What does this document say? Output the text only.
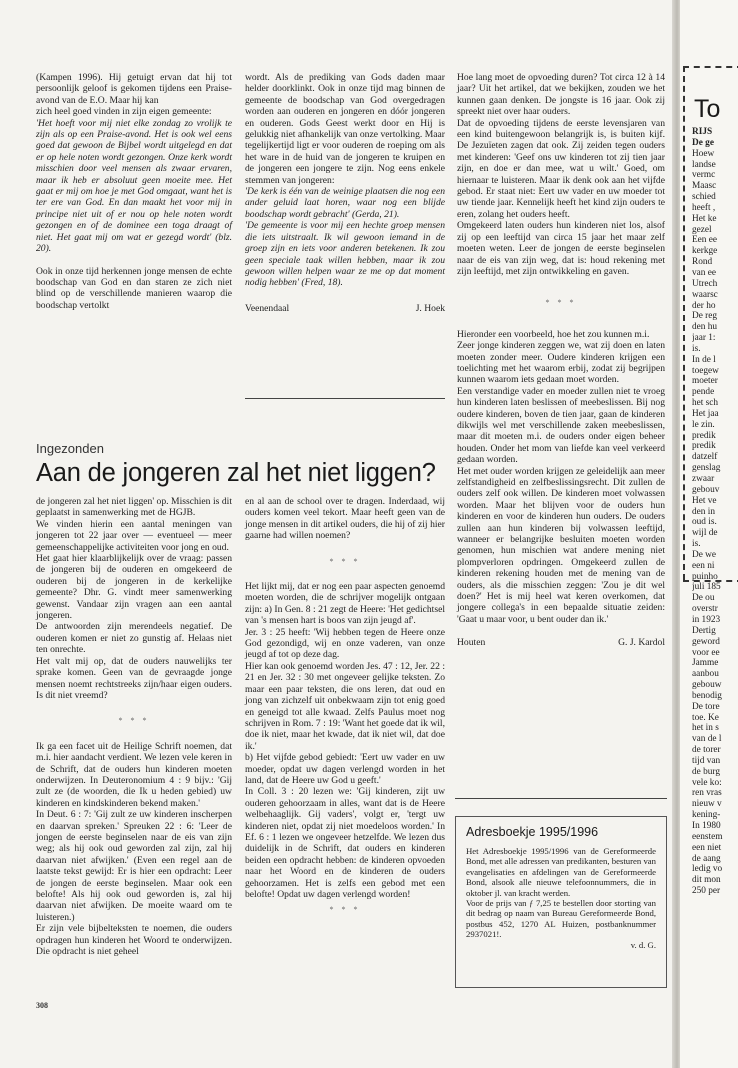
(Kampen 1996). Hij getuigt ervan dat hij tot persoonlijk geloof is gekomen tijdens een Praise-avond van de E.O. Maar hij kan

zich heel goed vinden in zijn eigen gemeente:

'Het hoeft voor mij niet elke zondag zo vrolijk te zijn als op een Praise-avond. Het is ook wel eens goed dat gewoon de Bijbel wordt uitgelegd en dat er op hele noten wordt gezongen. Onze kerk wordt misschien door veel mensen als zwaar ervaren, maar ik heb er absoluut geen moeite mee. Het gaat er mij om hoe je met God omgaat, want het is ter ere van God. En dan maakt het voor mij in principe niet uit of er nou op hele noten wordt gezongen en of de dominee een toga draagt of niet. Het gaat mij om wat er gezegd wordt' (blz. 20).

Ook in onze tijd herkennen jonge mensen de echte boodschap van God en dan staren ze zich niet blind op de verschillende manieren waarop die boodschap vertolkt

wordt. Als de prediking van Gods daden maar helder doorklinkt. Ook in onze tijd mag binnen de gemeente de boodschap van God overgedragen worden aan ouderen en jongeren en dóór jongeren en ouderen. Gods Geest werkt door en Hij is gelukkig niet afhankelijk van onze vertolking. Maar tegelijkertijd ligt er voor ouderen de roeping om als het ware in de huid van de jongeren te kruipen en de jongeren een jongere te zijn. Nog eens enkele stemmen van jongeren:

'De kerk is één van de weinige plaatsen die nog een ander geluid laat horen, waar nog een blijde boodschap wordt gebracht' (Gerda, 21).

'De gemeente is voor mij een hechte groep mensen die iets uitstraalt. Ik wil gewoon iemand in de groep zijn en iets voor anderen betekenen. Ik zou geen speciale taak willen hebben, maar ik zou gewoon willen helpen waar ze me op dat moment nodig hebben' (Fred, 18).

Veenendaal	J. Hoek

Hoe lang moet de opvoeding duren? Tot circa 12 à 14 jaar? Uit het artikel, dat we bekijken, zouden we het kunnen gaan denken. De jongste is 16 jaar. Ook zij spreekt niet over haar ouders.

Dat de opvoeding tijdens de eerste levensjaren van een kind buitengewoon belangrijk is, is buiten kijf. De Jezuïeten zagen dat ook. Zij zeiden tegen ouders met kinderen: 'Geef ons uw kinderen tot zij tien jaar zijn, en doe er dan mee, wat u wilt.' Goed, om hiernaar te luisteren. Maar ik denk ook aan het vijfde gebod. Er staat niet: Eert uw vader en uw moeder tot uw tiende jaar. Kennelijk heeft het kind zijn ouders te eren, zolang het ouders heeft.

Omgekeerd laten ouders hun kinderen niet los, alsof zij op een leeftijd van circa 15 jaar het maar zelf moeten weten. Leer de jongen de eerste beginselen naar de eis van zijn weg, dat is: houd rekening met zijn leeftijd, met zijn ontwikkeling en gaven.

* * *

Hieronder een voorbeeld, hoe het zou kunnen m.i.

Zeer jonge kinderen zeggen we, wat zij doen en laten moeten zonder meer. Oudere kinderen krijgen een toelichting met het waarom erbij, zodat zij begrijpen kunnen waarom iets gedaan moet worden.

Een verstandige vader en moeder zullen niet te vroeg hun kinderen laten beslissen of meebeslissen. Bij nog oudere kinderen, boven de tien jaar, gaan de kinderen dikwijls wel met verschillende zaken meebeslissen, maar dit moeten m.i. de ouders onder eigen beheer houden. Onder het mom van liefde kan veel verkeerd gedaan worden.

Het met ouder worden krijgen ze geleidelijk aan meer zelfstandigheid en zelfbeslissingsrecht. Dit zullen de ouders zelf ook willen. De kinderen moet volwassen worden. Maar het blijven voor de ouders hun kinderen en voor de kinderen hun ouders. De ouders zullen aan hun kinderen bij volwassen leeftijd, wanneer er belangrijke besluiten moeten worden genomen, hun mischien wat andere mening niet plompverloren opdringen. Omgekeerd zullen de kinderen rekening houden met de mening van de ouders, als die misschien zeggen: 'Zou je dit wel doen?' Het is mij heel wat keren overkomen, dat jongere collega's in een bepaalde situatie zeiden: 'Gaat u maar voor, u bent ouder dan ik.'

Houten	G. J. Kardol
Ingezonden
Aan de jongeren zal het niet liggen?

de jongeren zal het niet liggen' op. Misschien is dit geplaatst in samenwerking met de HGJB.

We vinden hierin een aantal meningen van jongeren tot 22 jaar over — eventueel — meer gemeenschappelijke activiteiten voor jong en oud.

Het gaat hier klaarblijkelijk over de vraag: passen de jongeren bij de ouderen en omgekeerd de ouderen bij de jongeren in de kerkelijke gemeente? Dhr. G. vindt meer samenwerking gewenst. Vandaar zijn vragen aan een aantal jongeren.

De antwoorden zijn merendeels negatief. De ouderen komen er niet zo gunstig af. Helaas niet ten onrechte.

Het valt mij op, dat de ouders nauwelijks ter sprake komen. Geen van de gevraagde jonge mensen noemt rechtstreeks zijn/haar eigen ouders. Is dit niet vreemd?

* * *

Ik ga een facet uit de Heilige Schrift noemen, dat m.i. hier aandacht verdient. We lezen vele keren in de Schrift, dat de ouders hun kinderen moeten onderwijzen. In Deuteronomium 4 : 9 bijv.: 'Gij zult ze (de woorden, die Ik u heden gebied) uw kinderen en kindskinderen bekend maken.'

In Deut. 6 : 7: 'Gij zult ze uw kinderen inscherpen en daarvan spreken.' Spreuken 22 : 6: 'Leer de jongen de eerste beginselen naar de eis van zijn weg; als hij ook oud geworden zal zijn, zal hij daarvan niet afwijken.' (Even een regel aan de laatste tekst gewijd: Er is hier een opdracht: Leer de jongen de eerste beginselen. Maar ook een belofte! Als hij ook oud geworden is, zal hij daarvan niet afwijken. De moeite waard om te luisteren.)

Er zijn vele bijbelteksten te noemen, die ouders opdragen hun kinderen het Woord te onderwijzen. Die opdracht is niet geheel

en al aan de school over te dragen. Inderdaad, wij ouders komen veel tekort. Maar heeft geen van de jonge mensen in dit artikel ouders, die hij of zij hier gaarne had willen noemen?

* * *

Het lijkt mij, dat er nog een paar aspecten genoemd moeten worden, die de schrijver mogelijk ontgaan zijn: a) In Gen. 8 : 21 zegt de Heere: 'Het gedichtsel van 's mensen hart is boos van zijn jeugd af'.

Jer. 3 : 25 heeft: 'Wij hebben tegen de Heere onze God gezondigd, wij en onze vaderen, van onze jeugd af tot op deze dag.

Hier kan ook genoemd worden Jes. 47 : 12, Jer. 22 : 21 en Jer. 32 : 30 met ongeveer gelijke teksten. Zo maar een paar teksten, die ons leren, dat oud en jong van zichzelf uit onbekwaam zijn tot enig goed en geneigd tot alle kwaad. Zelfs Paulus moet nog schrijven in Rom. 7 : 19: 'Want het goede dat ik wil, doe ik niet, maar het kwade, dat ik niet wil, dat doe ik.'

b) Het vijfde gebod gebiedt: 'Eert uw vader en uw moeder, opdat uw dagen verlengd worden in het land, dat de Heere uw God u geeft.'

In Coll. 3 : 20 lezen we: 'Gij kinderen, zijt uw ouderen gehoorzaam in alles, want dat is de Heere welbehaaglijk. Gij vaders', volgt er, 'tergt uw kinderen niet, opdat zij niet moedeloos worden.' In Ef. 6 : 1 lezen we ongeveer hetzelfde. We lezen dus duidelijk in de Schrift, dat ouders en kinderen beiden een opdracht hebben: de kinderen opvoeden naar het Woord en de kinderen de ouders gehoorzamen. Het is zelfs een gebod met een belofte! Opdat uw dagen verlengd worden!

* * *
Adresboekje 1995/1996
Het Adresboekje 1995/1996 van de Gereformeerde Bond, met alle adressen van predikanten, besturen van evangelisaties en afdelingen van de Gereformeerde Bond, alsook alle nieuwe telefoonnummers, die in oktober jl. van kracht werden.
Voor de prijs van ƒ 7,25 te bestellen door storting van dit bedrag op naam van Bureau Gereformeerde Bond, postbus 452, 1270 AL Huizen, postbanknummer 2937021!.
v. d. G.
308
To
RIJS
De ge
Hoew
landse
vermc
Maasc
schied
heeft ,
Het ke
gezel
Een ee
kerkge
Rond
van ee
Utrech
waarsc
der ho
De reg
den hu
jaar 1:
is.
In de l
toegew
moeter
pende
het sch
Het jaa
le zin.
predik
predik
datzelf
genslag
zwaar
gebouv
Het ve
den in
oud is.
wijl de
is.
De we
een ni
puinho
juli 185
De ou
overstr
in 1923
Dertig
geword
voor ee
Jamme
aanbou
gebouw
benodig
De tore
toe. Ke
het in s
van de l
de torer
tijd van
de burg
vele ko:
ren vras
nieuw v
kening-
In 1980
eenstem
een niet
de aang
ledig vo
dit mon
250 per
